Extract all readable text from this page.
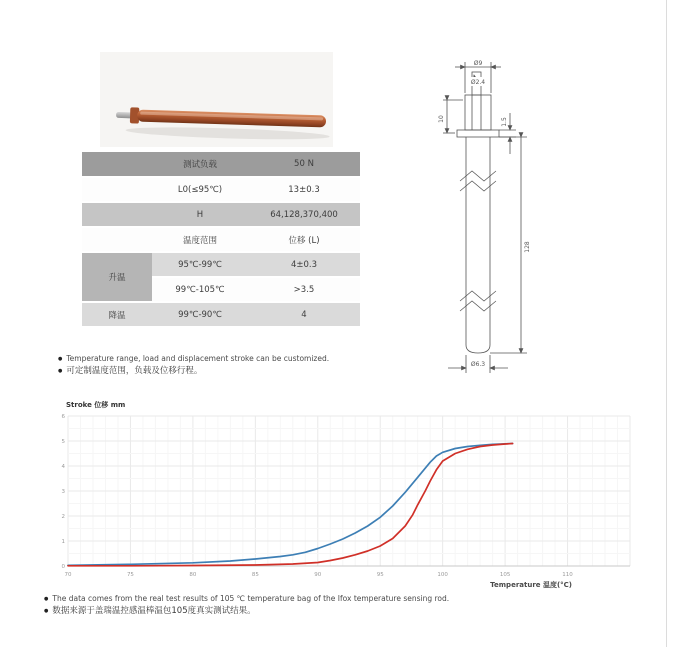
Ø9
Ø2.4
10	1.5
128
Ø6.3
	测试负载	50 N
	L0(≤95℃)	13±0.3
	H	64,128,370,400
	温度范围	位移 (L)
升温	95℃-99℃	4±0.3
	99℃-105℃	>3.5
降温	99℃-90℃	4
● Temperature range, load and displacement stroke can be customized.
● 可定制温度范围，负载及位移行程。
Stroke 位移 mm
70	75	80	85	90	95	100	105	110
0
1
2
3
4
5
6
Temperature 温度(°C)
● The data comes from the real test results of 105 ℃ temperature bag of the Ifox temperature sensing rod.
● 数据来源于盖瑞温控感温棒温包105度真实测试结果。
